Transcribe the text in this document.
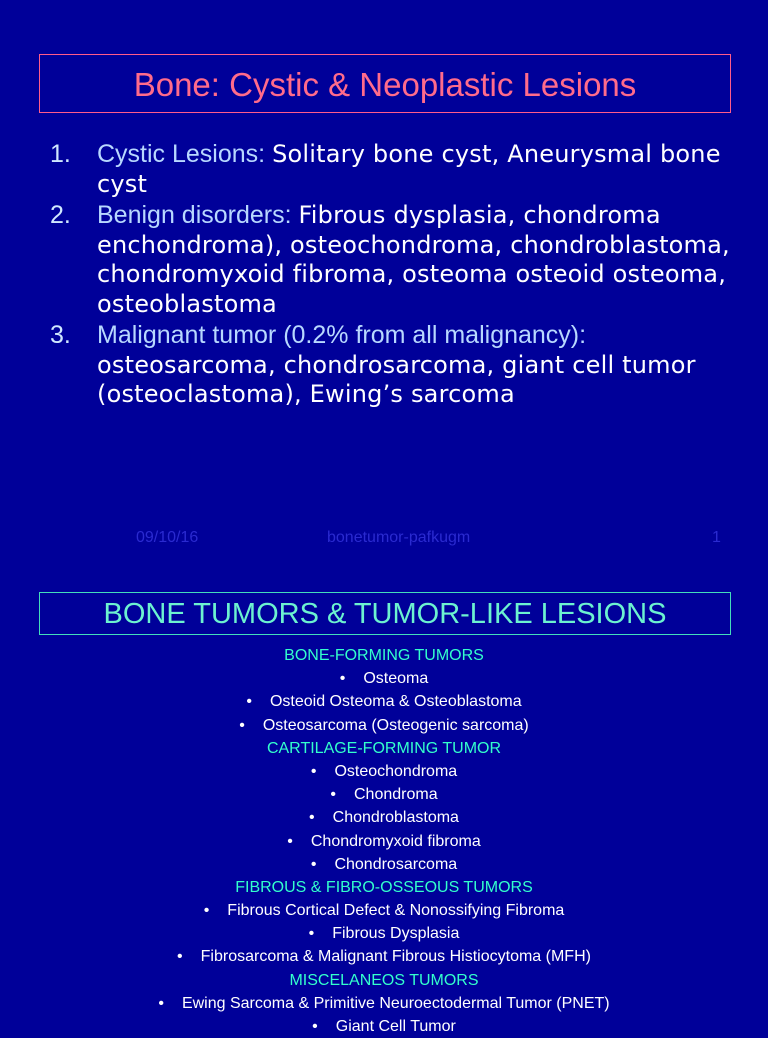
Bone: Cystic & Neoplastic Lesions
1. Cystic Lesions: Solitary bone cyst, Aneurysmal bone cyst
2. Benign disorders: Fibrous dysplasia, chondroma enchondroma), osteochondroma, chondroblastoma, chondromyxoid fibroma, osteoma osteoid osteoma, osteoblastoma
3. Malignant tumor (0.2% from all malignancy): osteosarcoma, chondrosarcoma, giant cell tumor (osteoclastoma), Ewing’s sarcoma
09/10/16	bonetumor-pafkugm	1
BONE TUMORS & TUMOR-LIKE LESIONS
BONE-FORMING TUMORS
• Osteoma
• Osteoid Osteoma & Osteoblastoma
• Osteosarcoma (Osteogenic sarcoma)
CARTILAGE-FORMING TUMOR
• Osteochondroma
• Chondroma
• Chondroblastoma
• Chondromyxoid fibroma
• Chondrosarcoma
FIBROUS & FIBRO-OSSEOUS TUMORS
• Fibrous Cortical Defect & Nonossifying Fibroma
• Fibrous Dysplasia
• Fibrosarcoma & Malignant Fibrous Histiocytoma (MFH)
MISCELANEOS TUMORS
• Ewing Sarcoma & Primitive Neuroectodermal Tumor (PNET)
• Giant Cell Tumor
